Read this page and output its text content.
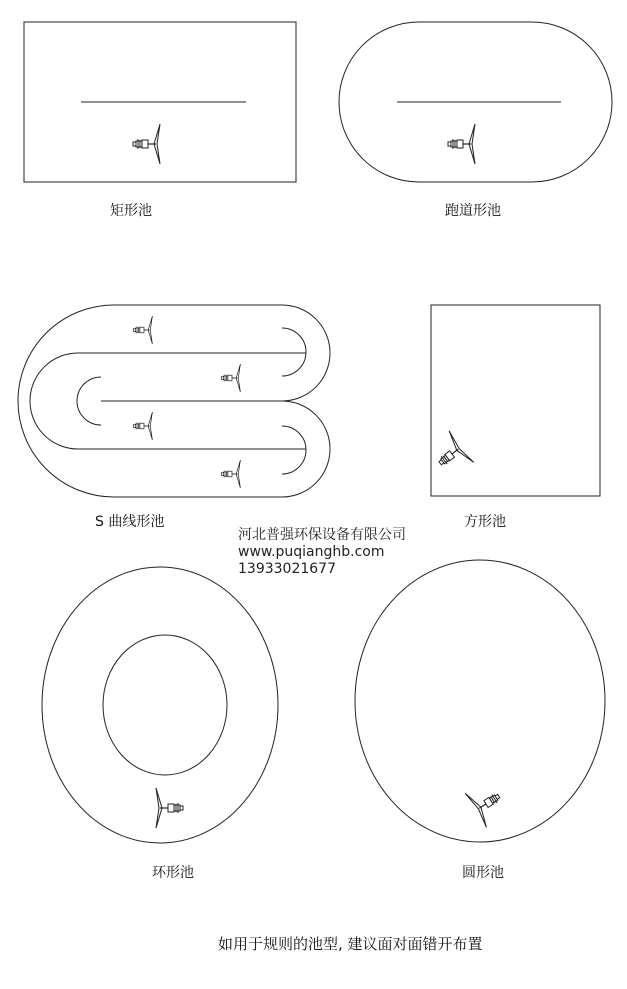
矩形池	跑道形池
S 曲线形池	方形池
环形池	圆形池
河北普强环保设备有限公司
www.puqianghb.com
13933021677
如用于规则的池型, 建议面对面错开布置
